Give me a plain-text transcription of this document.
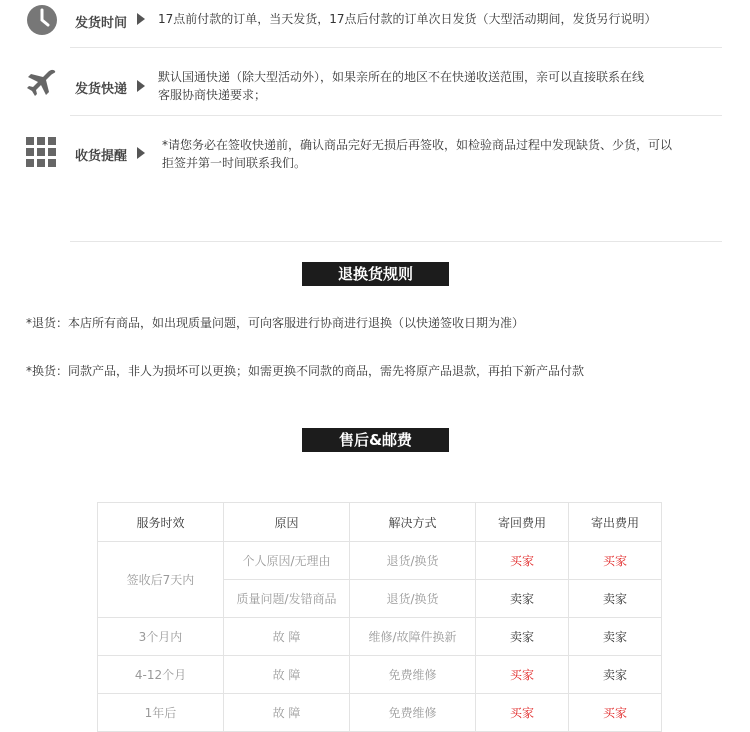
发货时间	17点前付款的订单，当天发货，17点后付款的订单次日发货（大型活动期间，发货另行说明）
发货快递
默认国通快递（除大型活动外），如果亲所在的地区不在快递收送范围，亲可以直接联系在线
客服协商快递要求；
收货提醒
*请您务必在签收快递前，确认商品完好无损后再签收，如检验商品过程中发现缺货、少货，可以
拒签并第一时间联系我们。
退换货规则
*退货：本店所有商品，如出现质量问题，可向客服进行协商进行退换（以快递签收日期为准）
*换货：同款产品，非人为损坏可以更换；如需更换不同款的商品，需先将原产品退款，再拍下新产品付款
售后&邮费
服务时效	原因	解决方式	寄回费用	寄出费用
签收后7天内	个人原因/无理由	退货/换货	买家	买家
	质量问题/发错商品	退货/换货	卖家	卖家
3个月内	故 障	维修/故障件换新	卖家	卖家
4-12个月	故 障	免费维修	买家	卖家
1年后	故 障	免费维修	买家	买家
